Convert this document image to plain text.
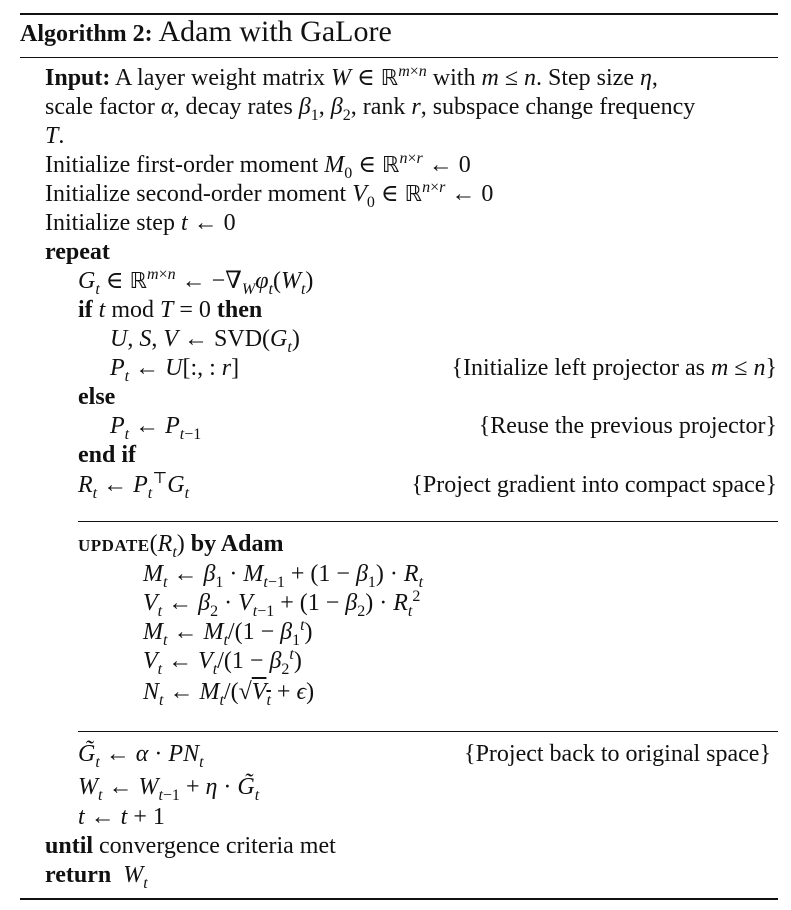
Algorithm 2: Adam with GaLore
Input: A layer weight matrix W ∈ ℝ$^{m\times n}$ with m ≤ n. Step size η,
scale factor α, decay rates $\beta_1$, $\beta_2$, rank r, subspace change frequency
T.
Initialize first-order moment $M_0$ ∈ ℝ$^{n\times r}$ ← 0
Initialize second-order moment $V_0$ ∈ ℝ$^{n\times r}$ ← 0
Initialize step t ← 0
repeat
$G_t$ ∈ ℝ$^{m\times n}$ ← $-\nabla_W\varphi_t(W_t)$
if t mod T = 0 then
U, S, V ← $SVD(G_t)$
$P_t$ ← U[:, : r]	{Initialize left projector as m ≤ n}
else
$P_t$ ← $P_{t-1}$	{Reuse the previous projector}
end if
$R_t$ ← $P_t^⊤G_t$	{Project gradient into compact space}
$update(R_t)$ by Adam
$M_t$ ← $\beta_1 \cdot M_{t-1} + (1 - \beta_1) \cdot R_t$
$V_t$ ← $\beta_2 \cdot V_{t-1} + (1 - \beta_2) \cdot R_t^2$
$M_t$ ← $M_t/(1 - \beta_1^t)$
$V_t$ ← $V_t/(1 - \beta_2^t)$
$N_t$ ← $M_t/(√V_t + \epsilon)$
$G̃_t$ ← $\alpha \cdot PN_t$	{Project back to original space}
$W_t$ ← $W_{t-1} + \eta$ · $G̃_t$
t ← t + 1
until convergence criteria met
return $W_t$
